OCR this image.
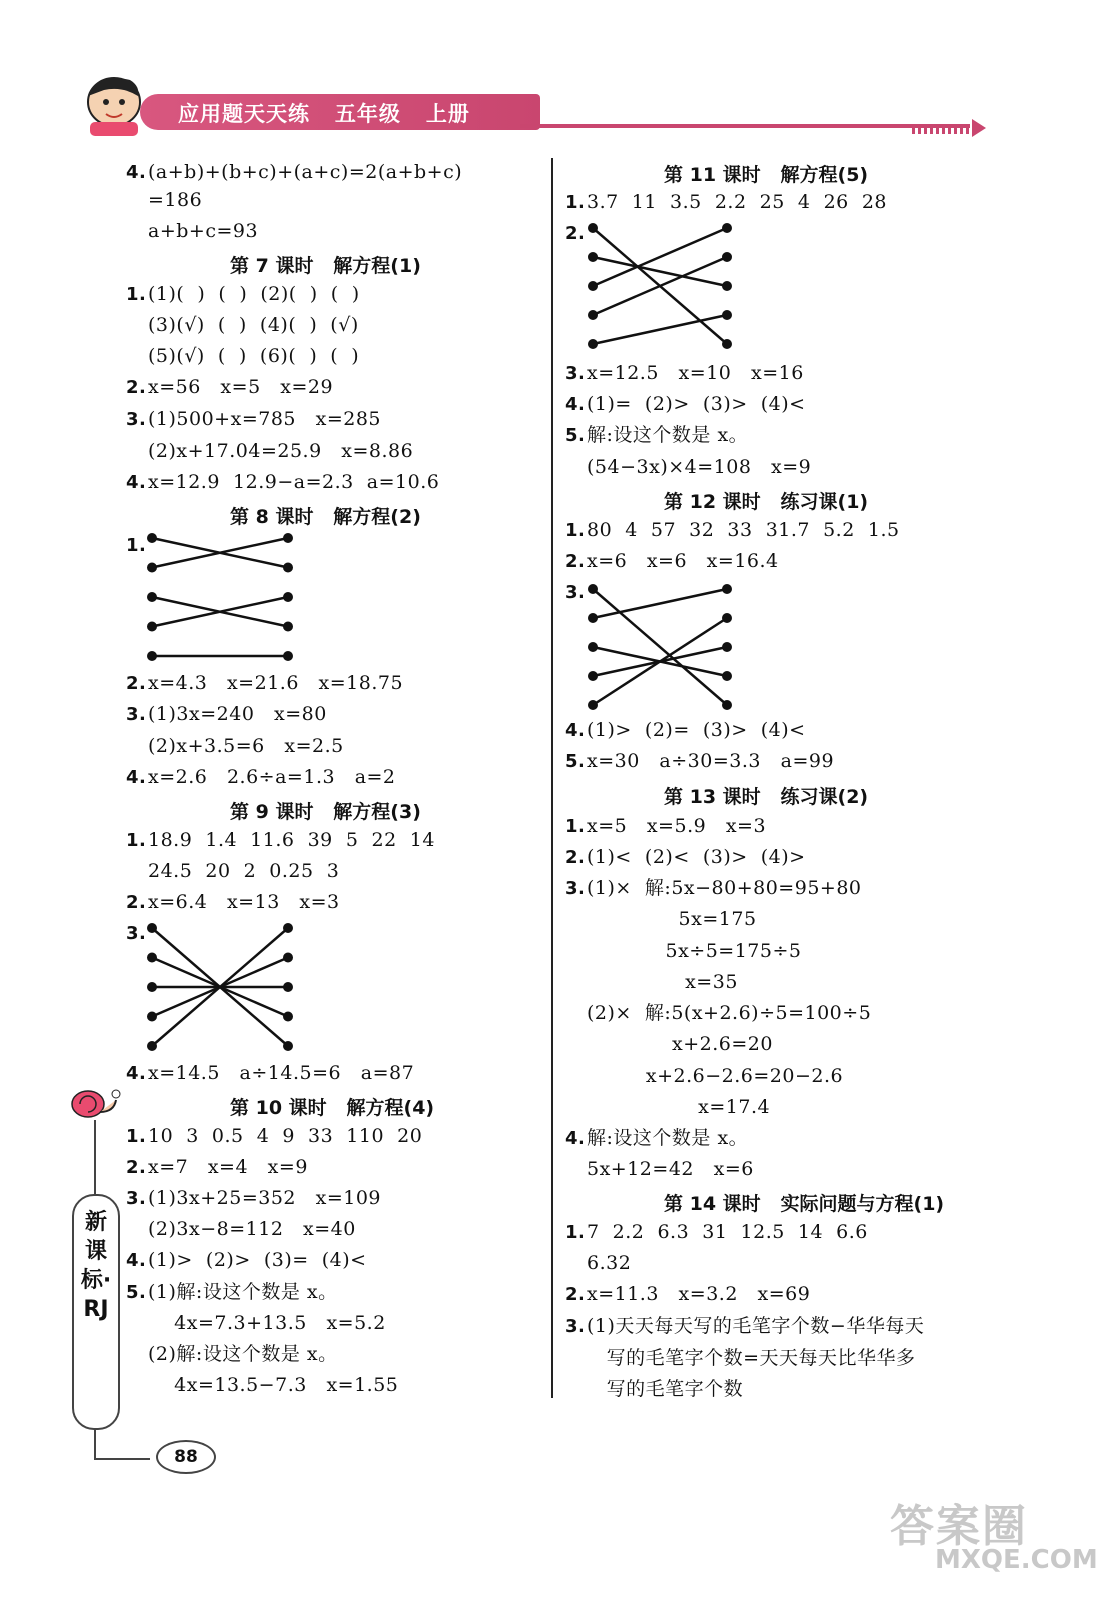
应用题天天练   五年级   上册
新课标·RJ
88
答案圈
MXQE.COM
4.(a+b)+(b+c)+(a+c)=2(a+b+c)
=186
a+b+c=93
第 7 课时   解方程(1)
1.(1)(  )  (  )  (2)(  )  (  )
(3)(√)  (  )  (4)(  )  (√)
(5)(√)  (  )  (6)(  )  (  )
2.x=56   x=5   x=29
3.(1)500+x=785   x=285
(2)x+17.04=25.9   x=8.86
4.x=12.9  12.9−a=2.3  a=10.6
第 8 课时   解方程(2)
1.
2.x=4.3   x=21.6   x=18.75
3.(1)3x=240   x=80
(2)x+3.5=6   x=2.5
4.x=2.6   2.6÷a=1.3   a=2
第 9 课时   解方程(3)
1.18.9  1.4  11.6  39  5  22  14
24.5  20  2  0.25  3
2.x=6.4   x=13   x=3
3.
4.x=14.5   a÷14.5=6   a=87
第 10 课时   解方程(4)
1.10  3  0.5  4  9  33  110  20
2.x=7   x=4   x=9
3.(1)3x+25=352   x=109
(2)3x−8=112   x=40
4.(1)>  (2)>  (3)=  (4)<
5.(1)解:设这个数是 x。
4x=7.3+13.5   x=5.2
(2)解:设这个数是 x。
4x=13.5−7.3   x=1.55
第 11 课时   解方程(5)
1.3.7  11  3.5  2.2  25  4  26  28
2.
3.x=12.5   x=10   x=16
4.(1)=  (2)>  (3)>  (4)<
5.解:设这个数是 x。
(54−3x)×4=108   x=9
第 12 课时   练习课(1)
1.80  4  57  32  33  31.7  5.2  1.5
2.x=6   x=6   x=16.4
3.
4.(1)>  (2)=  (3)>  (4)<
5.x=30   a÷30=3.3   a=99
第 13 课时   练习课(2)
1.x=5   x=5.9   x=3
2.(1)<  (2)<  (3)>  (4)>
3.(1)×  解:5x−80+80=95+80
5x=175
5x÷5=175÷5
x=35
(2)×  解:5(x+2.6)÷5=100÷5
x+2.6=20
x+2.6−2.6=20−2.6
x=17.4
4.解:设这个数是 x。
5x+12=42   x=6
第 14 课时   实际问题与方程(1)
1.7  2.2  6.3  31  12.5  14  6.6
6.32
2.x=11.3   x=3.2   x=69
3.(1)天天每天写的毛笔字个数−华华每天
写的毛笔字个数=天天每天比华华多
写的毛笔字个数
